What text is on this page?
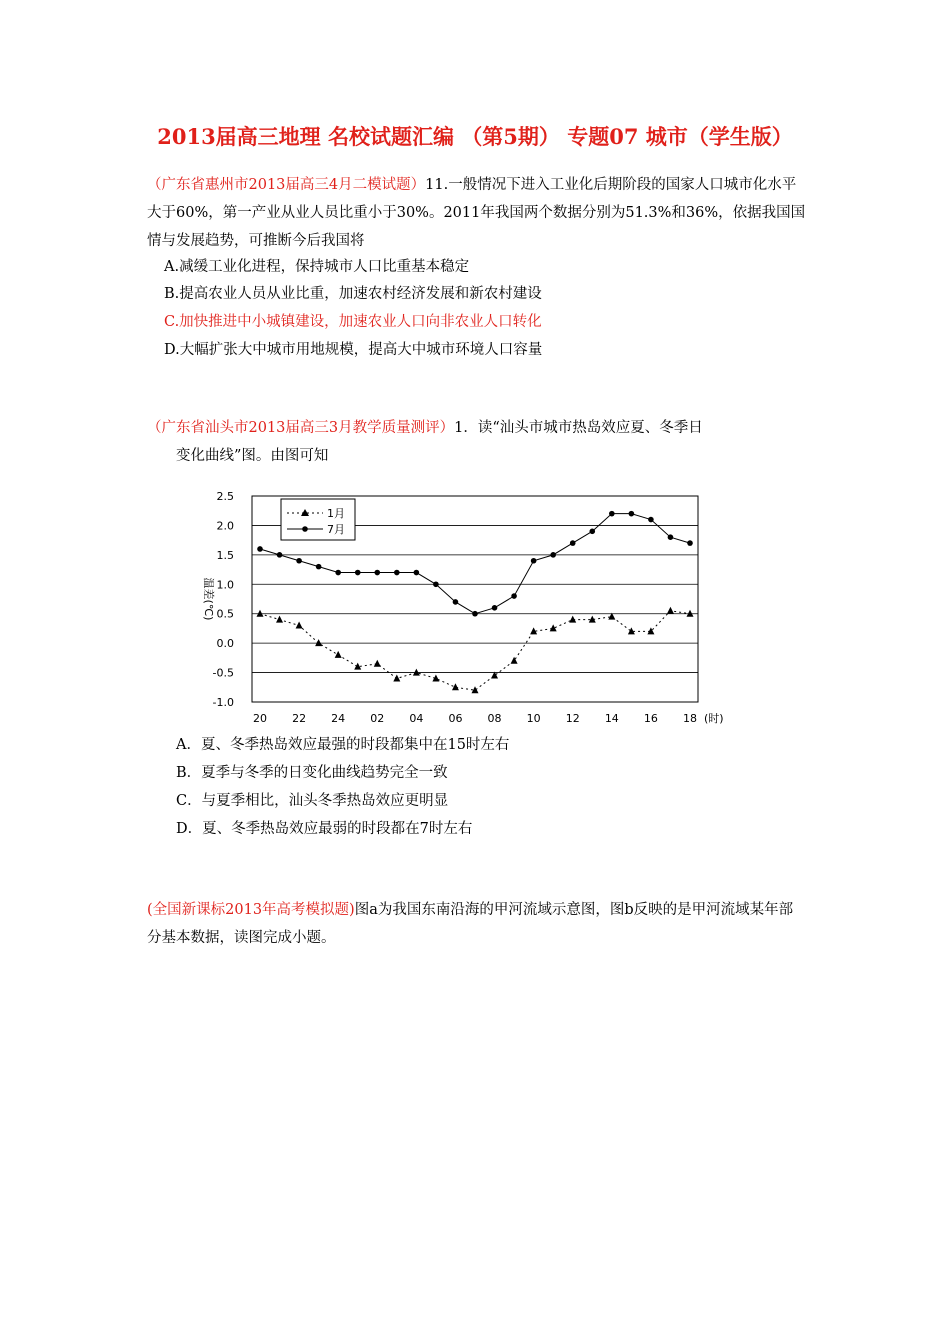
2013届高三地理 名校试题汇编 （第5期） 专题07 城市（学生版）
（广东省惠州市2013届高三4月二模试题）11.一般情况下进入工业化后期阶段的国家人口城市化水平大于60%，第一产业从业人员比重小于30%。2011年我国两个数据分别为51.3%和36%，依据我国国情与发展趋势，可推断今后我国将
A.减缓工业化进程，保持城市人口比重基本稳定
B.提高农业人员从业比重，加速农村经济发展和新农村建设
C.加快推进中小城镇建设，加速农业人口向非农业人口转化
D.大幅扩张大中城市用地规模，提高大中城市环境人口容量
（广东省汕头市2013届高三3月教学质量测评）1．读“汕头市城市热岛效应夏、冬季日
变化曲线”图。由图可知
-1.0
-0.5
0.0
0.5
1.0
1.5
2.0
2.5
20 22 24 02 04 06 08 10 12 14 16 18
温差(℃)
(时)
1月
7月
A．夏、冬季热岛效应最强的时段都集中在15时左右
B．夏季与冬季的日变化曲线趋势完全一致
C．与夏季相比，汕头冬季热岛效应更明显
D．夏、冬季热岛效应最弱的时段都在7时左右
(全国新课标2013年高考模拟题)图a为我国东南沿海的甲河流域示意图，图b反映的是甲河流域某年部分基本数据，读图完成小题。
